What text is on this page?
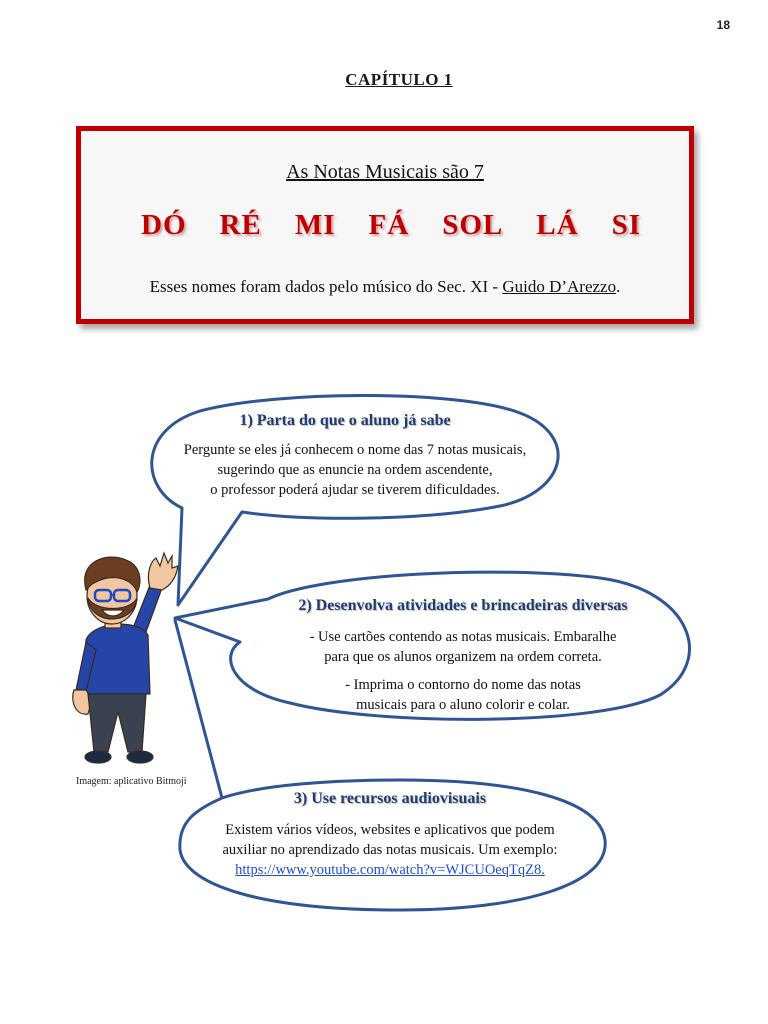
18
CAPÍTULO 1
As Notas Musicais são 7
DÓ RÉ MI FÁ SOL LÁ SI
Esses nomes foram dados pelo músico do Sec. XI - Guido D’Arezzo.
1) Parta do que o aluno já sabe
Pergunte se eles já conhecem o nome das 7 notas musicais,
sugerindo que as enuncie na ordem ascendente,
o professor poderá ajudar se tiverem dificuldades.
2) Desenvolva atividades e brincadeiras diversas
- Use cartões contendo as notas musicais. Embaralhe
para que os alunos organizem na ordem correta.
- Imprima o contorno do nome das notas
musicais para o aluno colorir e colar.
3) Use recursos audiovisuais
Existem vários vídeos, websites e aplicativos que podem
auxiliar no aprendizado das notas musicais. Um exemplo:
https://www.youtube.com/watch?v=WJCUOeqTqZ8.
Imagem: aplicativo Bitmoji
